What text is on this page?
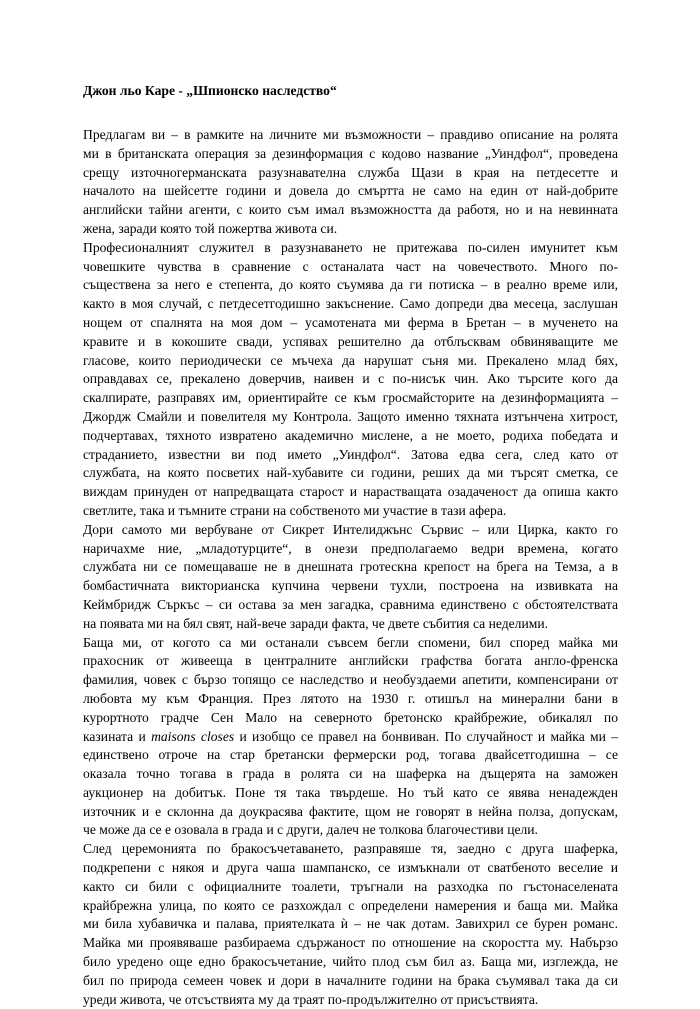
Джон льо Каре - „Шпионско наследство“

Предлагам ви – в рамките на личните ми възможности – правдиво описание на ролята
ми в британската операция за дезинформация с кодово название „Уиндфол“, проведена
срещу източногерманската разузнавателна служба Щази в края на петдесетте и
началото на шейсетте години и довела до смъртта не само на един от най-добрите
английски тайни агенти, с които съм имал възможността да работя, но и на невинната
жена, заради която той пожертва живота си.

Професионалният служител в разузнаването не притежава по-силен имунитет към
човешките чувства в сравнение с останалата част на човечеството. Много по-
съществена за него е степента, до която съумява да ги потиска – в реално време или,
както в моя случай, с петдесетгодишно закъснение. Само допреди два месеца, заслушан
нощем от спалнята на моя дом – усамотената ми ферма в Бретан – в мученето на
кравите и в кокошите свади, успявах решително да отблъсквам обвиняващите ме
гласове, които периодически се мъчеха да нарушат съня ми. Прекалено млад бях,
оправдавах се, прекалено доверчив, наивен и с по-нисък чин. Ако търсите кого да
скалпирате, разправях им, ориентирайте се към гросмайсторите на дезинформацията –
Джордж Смайли и повелителя му Контрола. Защото именно тяхната изтънчена хитрост,
подчертавах, тяхното извратено академично мислене, а не моето, родиха победата и
страданието, известни ви под името „Уиндфол“. Затова едва сега, след като от
службата, на която посветих най-хубавите си години, реших да ми търсят сметка, се
виждам принуден от напредващата старост и нарастващата озадаченост да опиша както
светлите, така и тъмните страни на собственото ми участие в тази афера.

Дори самото ми вербуване от Сикрет Интелиджънс Сървис – или Цирка, както го
наричахме ние, „младотурците“, в онези предполагаемо ведри времена, когато
службата ни се помещаваше не в днешната гротескна крепост на брега на Темза, а в
бомбастичната викторианска купчина червени тухли, построена на извивката на
Кеймбридж Съркъс – си остава за мен загадка, сравнима единствено с обстоятелствата
на появата ми на бял свят, най-вече заради факта, че двете събития са неделими.

Баща ми, от когото са ми останали съвсем бегли спомени, бил според майка ми
прахосник от живееща в централните английски графства богата англо-френска
фамилия, човек с бързо топящо се наследство и необуздаеми апетити, компенсирани от
любовта му към Франция. През лятото на 1930 г. отишъл на минерални бани в
курортното градче Сен Мало на северното бретонско крайбрежие, обикалял по
казината и maisons closes и изобщо се правел на бонвиван. По случайност и майка ми –
единствено отроче на стар бретански фермерски род, тогава двайсетгодишна – се
оказала точно тогава в града в ролята си на шаферка на дъщерята на заможен
аукционер на добитък. Поне тя така твърдеше. Но тъй като се явява ненадежден
източник и е склонна да доукрасява фактите, щом не говорят в нейна полза, допускам,
че може да се е озовала в града и с други, далеч не толкова благочестиви цели.

След церемонията по бракосъчетаването, разправяше тя, заедно с друга шаферка,
подкрепени с някоя и друга чаша шампанско, се измъкнали от сватбеното веселие и
както си били с официалните тоалети, тръгнали на разходка по гъстонаселената
крайбрежна улица, по която се разхождал с определени намерения и баща ми. Майка
ми била хубавичка и палава, приятелката ѝ – не чак дотам. Завихрил се бурен романс.
Майка ми проявяваше разбираема сдържаност по отношение на скоростта му. Набързо
било уредено още едно бракосъчетание, чийто плод съм бил аз. Баща ми, изглежда, не
бил по природа семеен човек и дори в началните години на брака съумявал така да си
уреди живота, че отсъствията му да траят по-продължително от присъствията.
